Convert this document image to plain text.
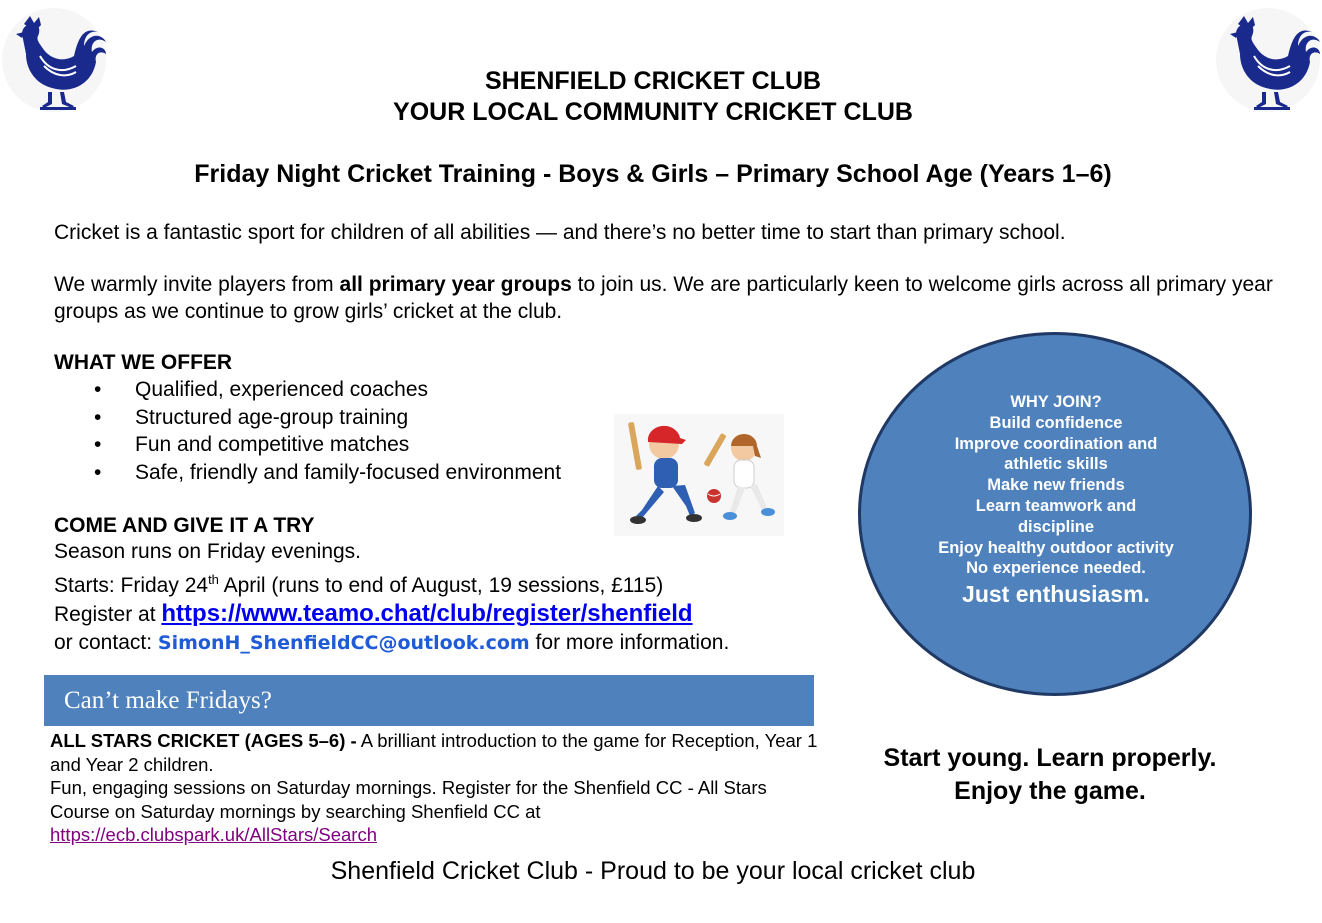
SHENFIELD CRICKET CLUB
YOUR LOCAL COMMUNITY CRICKET CLUB
Friday Night Cricket Training - Boys & Girls – Primary School Age (Years 1–6)
Cricket is a fantastic sport for children of all abilities — and there’s no better time to start than primary school.
We warmly invite players from all primary year groups to join us. We are particularly keen to welcome girls across all primary year groups as we continue to grow girls’ cricket at the club.
WHAT WE OFFER
• Qualified, experienced coaches
• Structured age-group training
• Fun and competitive matches
• Safe, friendly and family-focused environment
COME AND GIVE IT A TRY
Season runs on Friday evenings.
Starts: Friday 24th April (runs to end of August, 19 sessions, £115)
Register at https://www.teamo.chat/club/register/shenfield
or contact: SimonH_ShenfieldCC@outlook.com for more information.
WHY JOIN?
Build confidence
Improve coordination and athletic skills
Make new friends
Learn teamwork and discipline
Enjoy healthy outdoor activity
No experience needed.
Just enthusiasm.
Can’t make Fridays?
ALL STARS CRICKET (AGES 5–6) - A brilliant introduction to the game for Reception, Year 1 and Year 2 children.
Fun, engaging sessions on Saturday mornings. Register for the Shenfield CC - All Stars Course on Saturday mornings by searching Shenfield CC at
https://ecb.clubspark.uk/AllStars/Search
Start young. Learn properly.
Enjoy the game.
Shenfield Cricket Club - Proud to be your local cricket club
